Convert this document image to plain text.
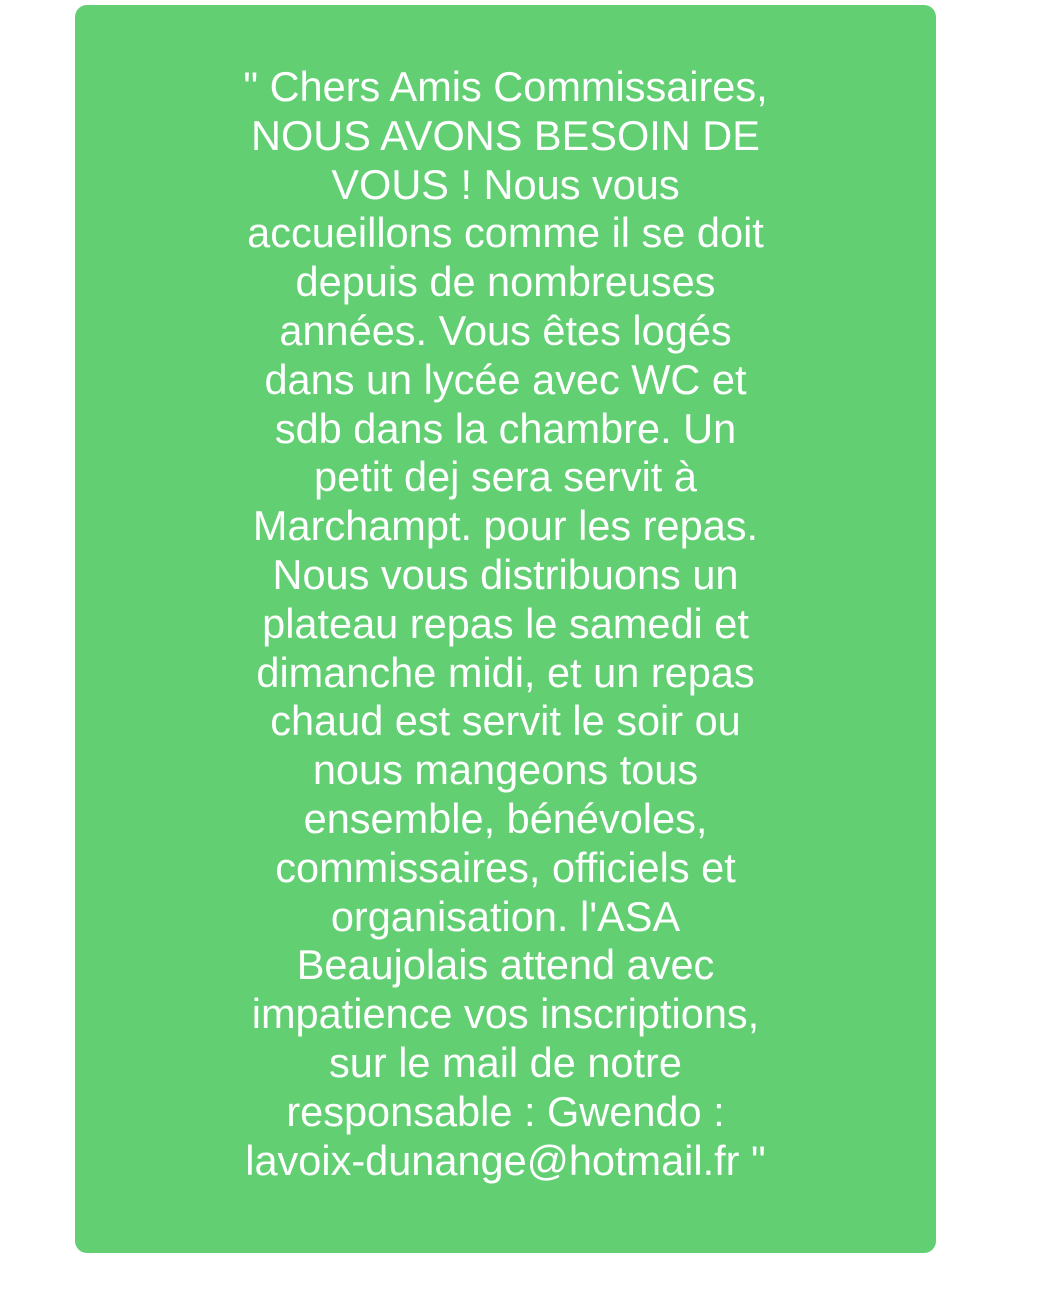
" Chers Amis Commissaires,
NOUS AVONS BESOIN DE
VOUS ! Nous vous
accueillons comme il se doit
depuis de nombreuses
années. Vous êtes logés
dans un lycée avec WC et
sdb dans la chambre. Un
petit dej sera servit à
Marchampt. pour les repas.
Nous vous distribuons un
plateau repas le samedi et
dimanche midi, et un repas
chaud est servit le soir ou
nous mangeons tous
ensemble, bénévoles,
commissaires, officiels et
organisation. l'ASA
Beaujolais attend avec
impatience vos inscriptions,
sur le mail de notre
responsable : Gwendo :
lavoix-dunange@hotmail.fr "
